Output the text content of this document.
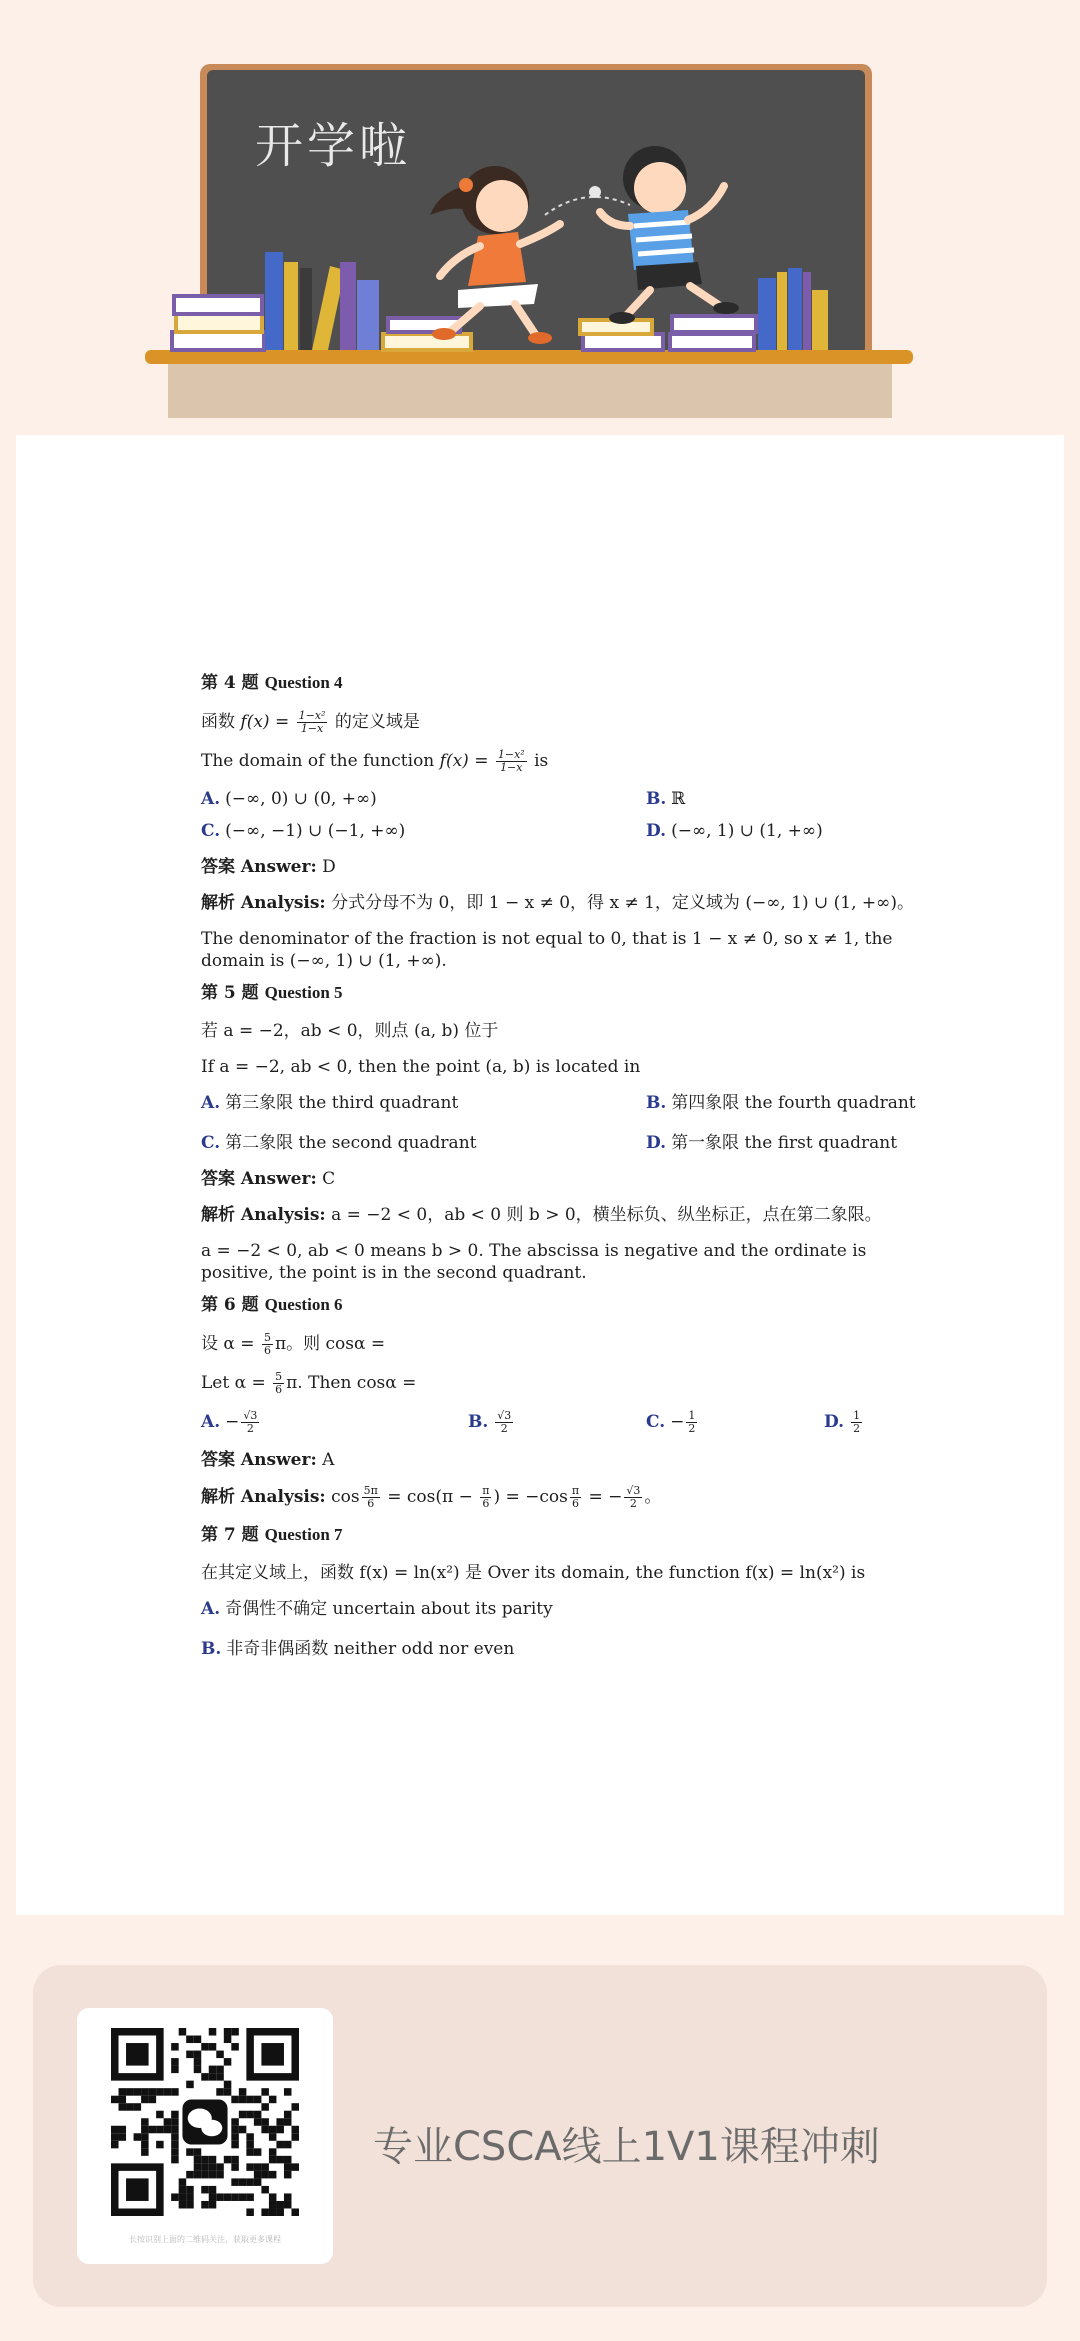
开学啦
第 4 题 Question 4
函数 $f(x) = \frac{\text{1−x²}}{1-x}$ 的定义域是
The domain of the function $f(x) = \frac{\text{1−x²}}{1-x}$ is
A. (−∞, 0) ∪ (0, +∞)	B. ℝ
C. (−∞, −1) ∪ (−1, +∞)	D. (−∞, 1) ∪ (1, +∞)
答案 Answer: D
解析 Analysis: 分式分母不为 0，即 1 − x ≠ 0，得 x ≠ 1，定义域为 (−∞, 1) ∪ (1, +∞)。
The denominator of the fraction is not equal to 0, that is 1 − x ≠ 0, so x ≠ 1, the domain is (−∞, 1) ∪ (1, +∞).
第 5 题 Question 5
若 a = −2，ab < 0，则点 (a, b) 位于
If a = −2, ab < 0, then the point (a, b) is located in
A. 第三象限 the third quadrant	B. 第四象限 the fourth quadrant
C. 第二象限 the second quadrant	D. 第一象限 the first quadrant
答案 Answer: C
解析 Analysis: a = −2 < 0，ab < 0 则 b > 0，横坐标负、纵坐标正，点在第二象限。
a = −2 < 0, ab < 0 means b > 0. The abscissa is negative and the ordinate is positive, the point is in the second quadrant.
第 6 题 Question 6
设 $\alpha = \frac{5}{6}$ π。则 cosα =
Let $\alpha = \frac{5}{6} \pi$. Then cosα =
A. − $\frac{√3}{2}$	B. $\frac{√3}{2}$	C. − $\frac{1}{2}$	D. $\frac{1}{2}$
答案 Answer: A
解析 Analysis: $\cos \frac{5\pi}{6} = \cos(\pi - \frac{\pi}{6}$ ) = $-\cos \frac{\pi}{6}$ = − $\frac{√3}{2}$ 。
第 7 题 Question 7
在其定义域上，函数 f(x) = ln(x²) 是 Over its domain, the function f(x) = ln(x²) is
A. 奇偶性不确定 uncertain about its parity
B. 非奇非偶函数 neither odd nor even
长按识别上面的二维码关注，获取更多课程
专业CSCA线上1V1课程冲刺
